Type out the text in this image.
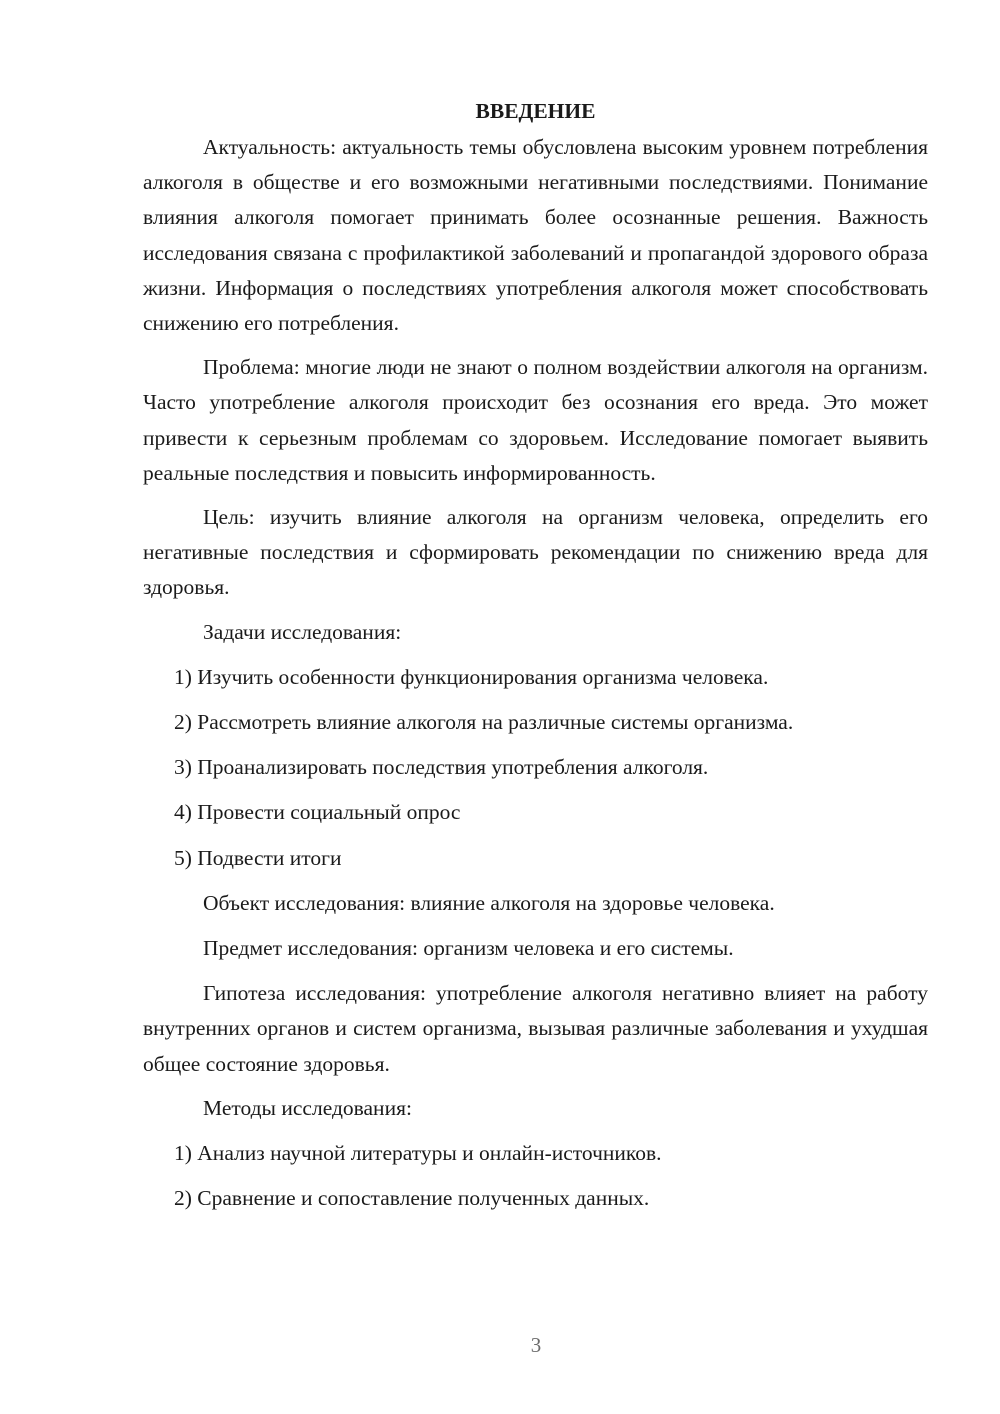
ВВЕДЕНИЕ

Актуальность: актуальность темы обусловлена высоким уровнем потребления алкоголя в обществе и его возможными негативными последствиями. Понимание влияния алкоголя помогает принимать более осознанные решения. Важность исследования связана с профилактикой заболеваний и пропагандой здорового образа жизни. Информация о последствиях употребления алкоголя может способствовать снижению его потребления.

Проблема: многие люди не знают о полном воздействии алкоголя на организм. Часто употребление алкоголя происходит без осознания его вреда. Это может привести к серьезным проблемам со здоровьем. Исследование помогает выявить реальные последствия и повысить информированность.

Цель: изучить влияние алкоголя на организм человека, определить его негативные последствия и сформировать рекомендации по снижению вреда для здоровья.

Задачи исследования:
1) Изучить особенности функционирования организма человека.
2) Рассмотреть влияние алкоголя на различные системы организма.
3) Проанализировать последствия употребления алкоголя.
4) Провести социальный опрос
5) Подвести итоги
Объект исследования: влияние алкоголя на здоровье человека.
Предмет исследования: организм человека и его системы.

Гипотеза исследования: употребление алкоголя негативно влияет на работу внутренних органов и систем организма, вызывая различные заболевания и ухудшая общее состояние здоровья.

Методы исследования:
1) Анализ научной литературы и онлайн-источников.
2) Сравнение и сопоставление полученных данных.
3
